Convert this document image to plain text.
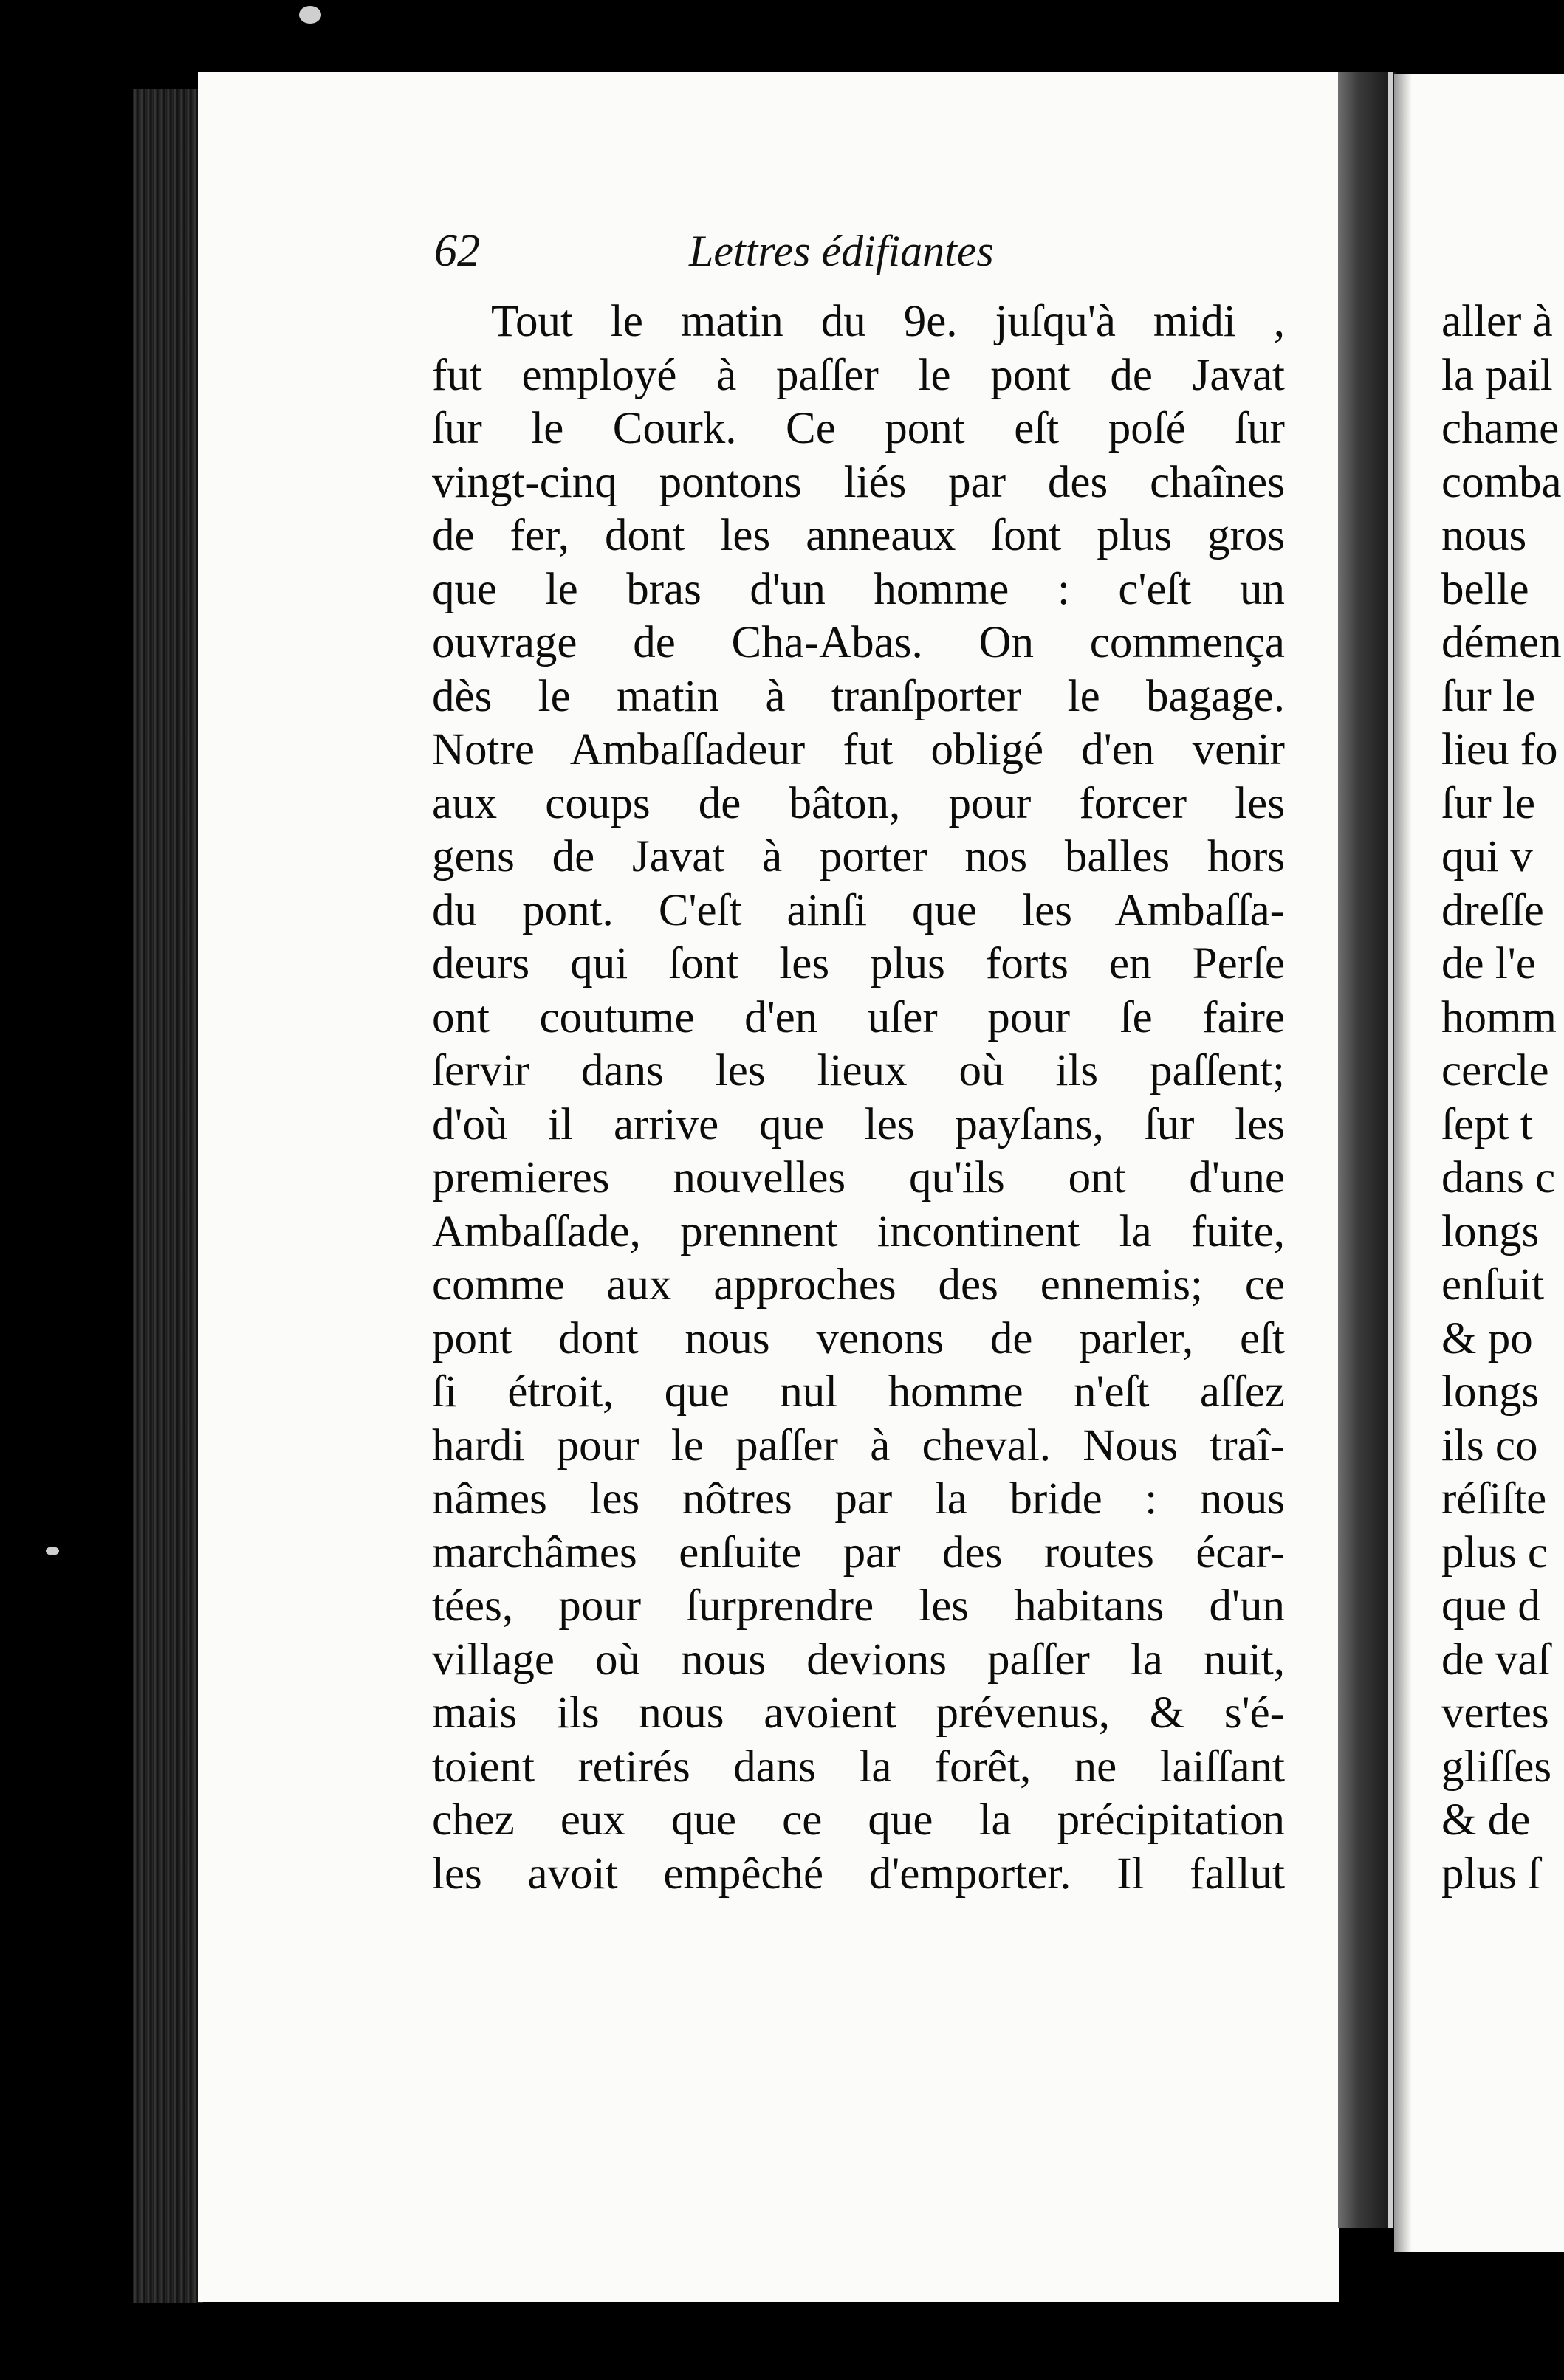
62	Lettres édifiantes
Tout le matin du 9e. juſqu'à midi ,
fut employé à paſſer le pont de Javat
ſur le Courk. Ce pont eſt poſé ſur
vingt-cinq pontons liés par des chaînes
de fer, dont les anneaux ſont plus gros
que le bras d'un homme : c'eſt un
ouvrage de Cha-Abas. On commença
dès le matin à tranſporter le bagage.
Notre Ambaſſadeur fut obligé d'en venir
aux coups de bâton, pour forcer les
gens de Javat à porter nos balles hors
du pont. C'eſt ainſi que les Ambaſſa-
deurs qui ſont les plus forts en Perſe
ont coutume d'en uſer pour ſe faire
ſervir dans les lieux où ils paſſent;
d'où il arrive que les payſans, ſur les
premieres nouvelles qu'ils ont d'une
Ambaſſade, prennent incontinent la fuite,
comme aux approches des ennemis; ce
pont dont nous venons de parler, eſt
ſi étroit, que nul homme n'eſt aſſez
hardi pour le paſſer à cheval. Nous traî-
nâmes les nôtres par la bride : nous
marchâmes enſuite par des routes écar-
tées, pour ſurprendre les habitans d'un
village où nous devions paſſer la nuit,
mais ils nous avoient prévenus, & s'é-
toient retirés dans la forêt, ne laiſſant
chez eux que ce que la précipitation
les avoit empêché d'emporter. Il fallut
aller à
la pail
chame
comba
nous
belle
démen
ſur le
lieu fo
ſur le
qui v
dreſſe
de l'e
homm
cercle
ſept t
dans c
longs
enſuit
& po
longs
ils co
réſiſte
plus c
que d
de vaſ
vertes
gliſſes
& de
plus ſ
